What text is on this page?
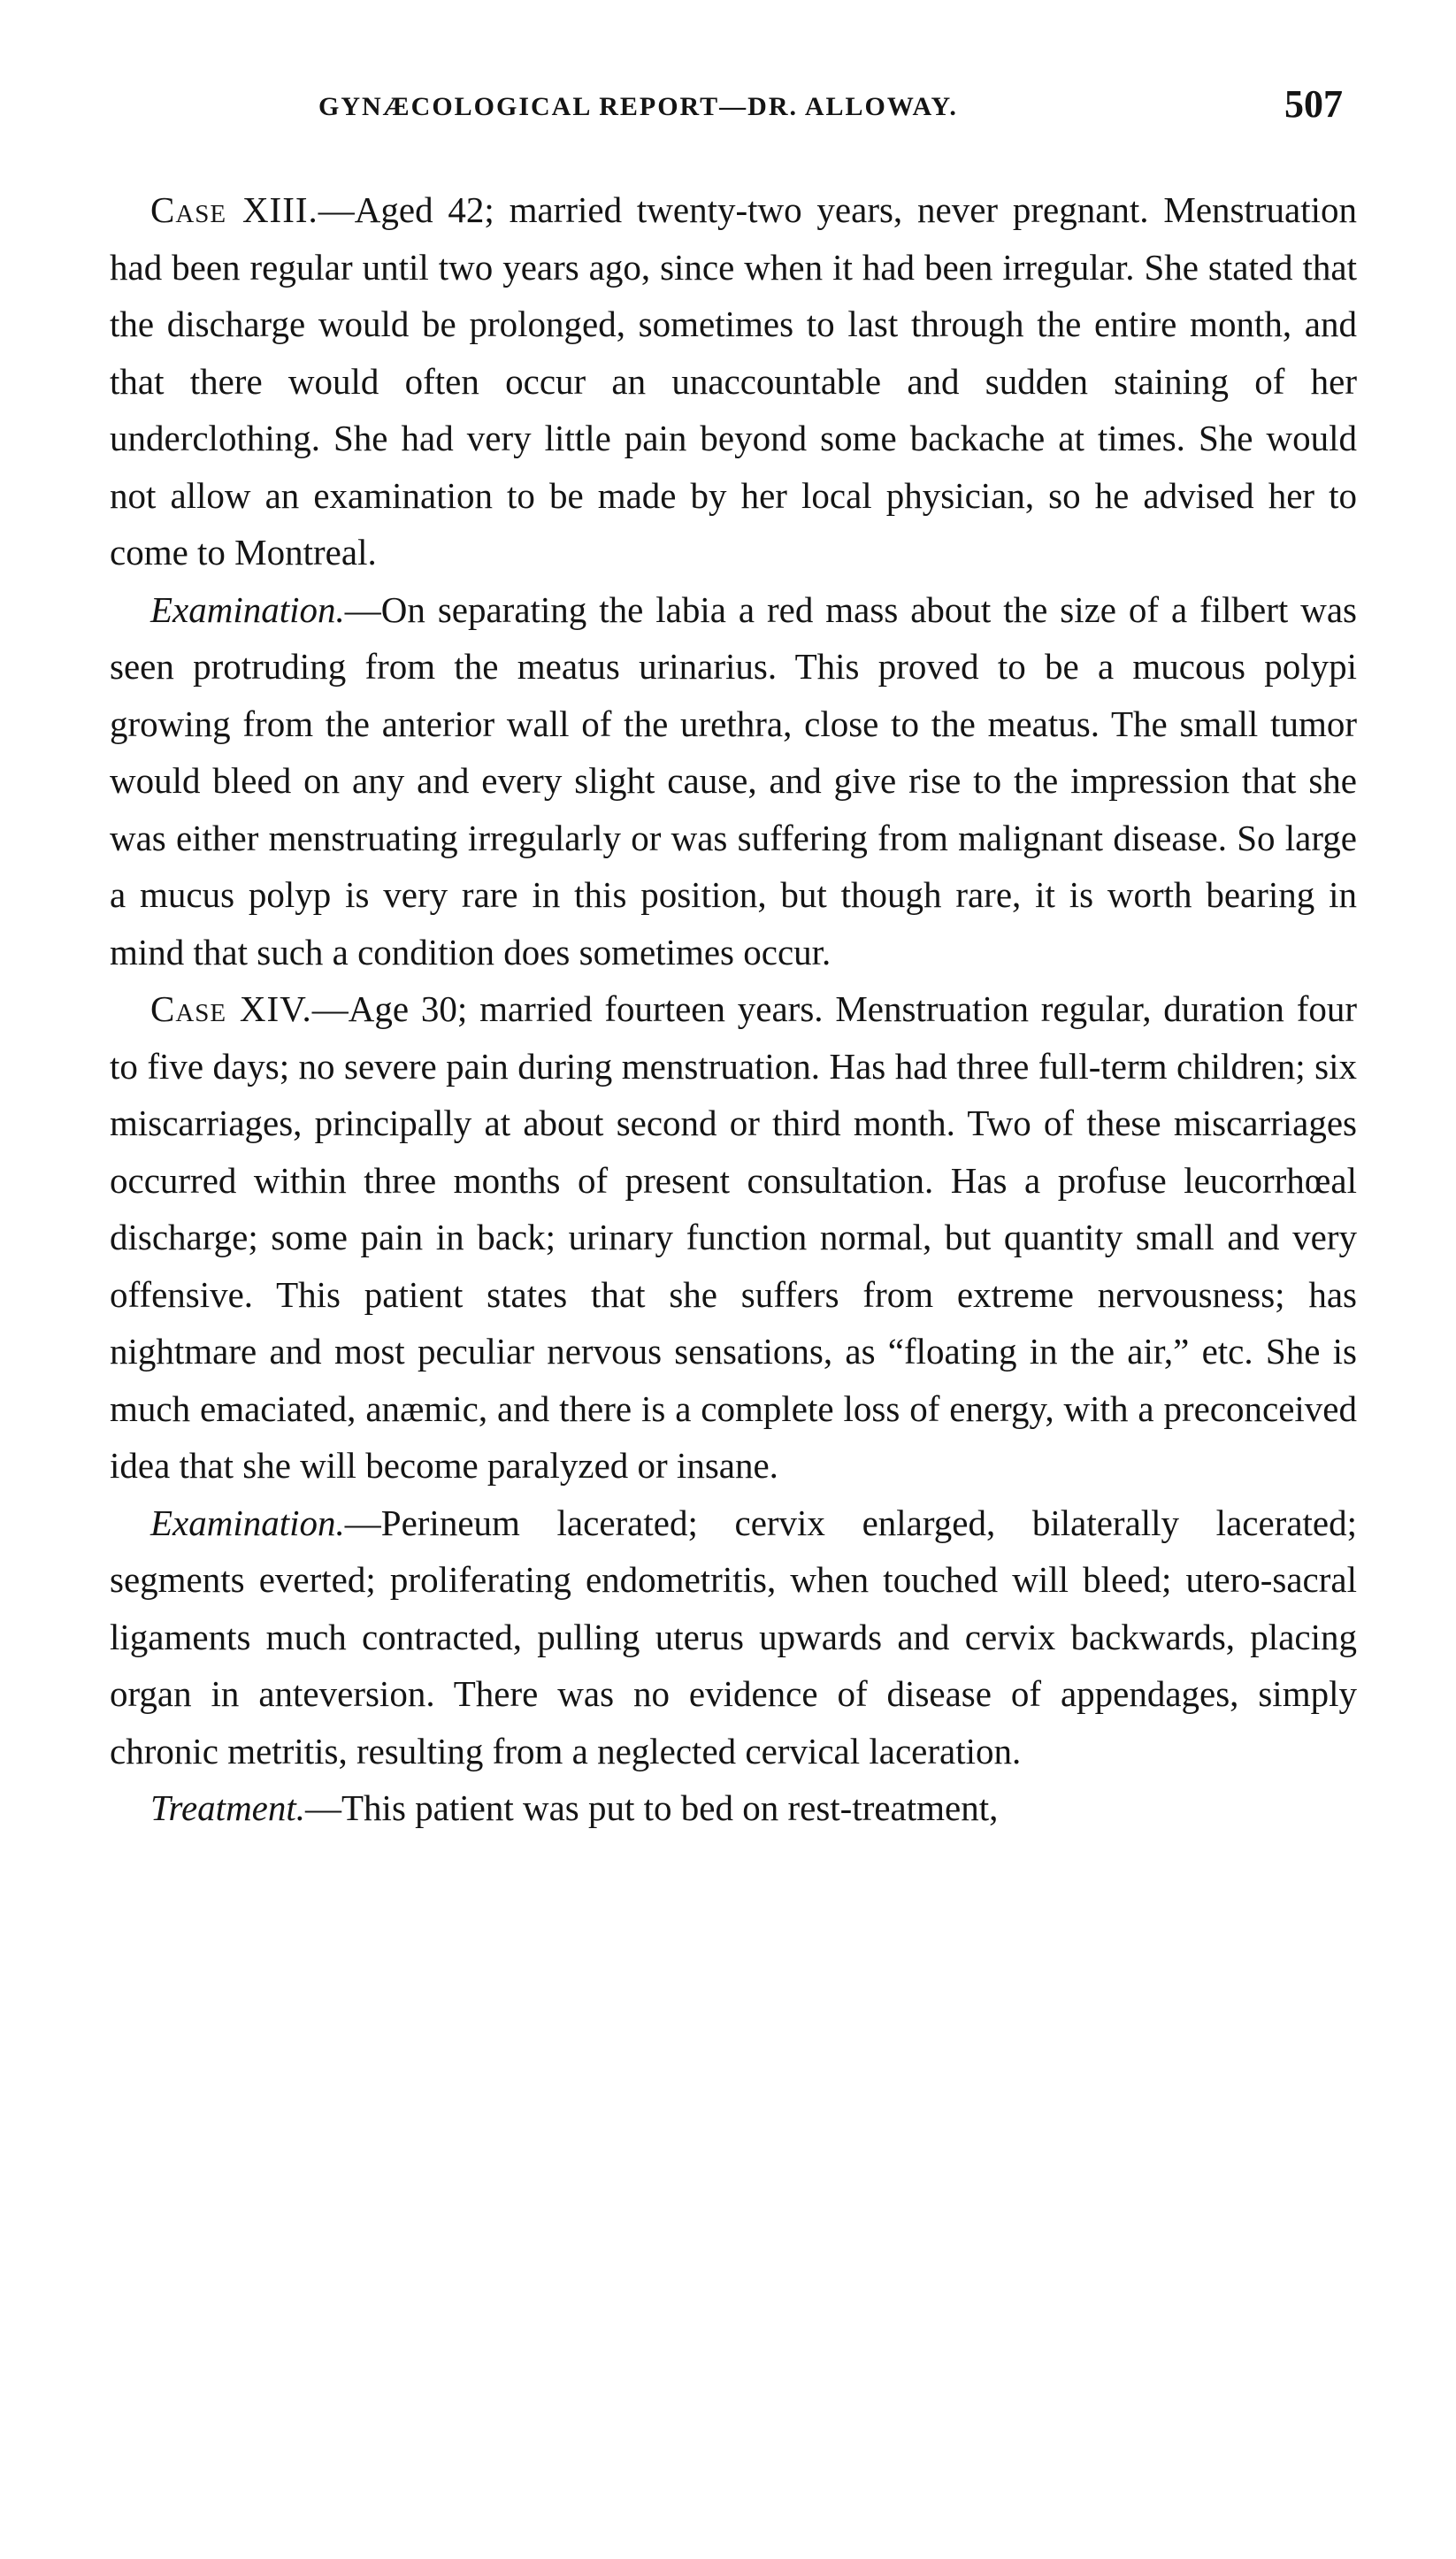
GYNÆCOLOGICAL REPORT—DR. ALLOWAY.	507

Case XIII.—Aged 42; married twenty-two years, never pregnant. Menstruation had been regular until two years ago, since when it had been irregular. She stated that the discharge would be prolonged, sometimes to last through the entire month, and that there would often occur an unaccountable and sudden staining of her underclothing. She had very little pain beyond some backache at times. She would not allow an examination to be made by her local physician, so he advised her to come to Montreal.

Examination.—On separating the labia a red mass about the size of a filbert was seen protruding from the meatus urinarius. This proved to be a mucous polypi growing from the anterior wall of the urethra, close to the meatus. The small tumor would bleed on any and every slight cause, and give rise to the impression that she was either menstruating irregularly or was suffering from malignant disease. So large a mucus polyp is very rare in this position, but though rare, it is worth bearing in mind that such a condition does sometimes occur.

Case XIV.—Age 30; married fourteen years. Menstruation regular, duration four to five days; no severe pain during menstruation. Has had three full-term children; six miscarriages, principally at about second or third month. Two of these miscarriages occurred within three months of present consultation. Has a profuse leucorrhœal discharge; some pain in back; urinary function normal, but quantity small and very offensive. This patient states that she suffers from extreme nervousness; has nightmare and most peculiar nervous sensations, as “floating in the air,” etc. She is much emaciated, anæmic, and there is a complete loss of energy, with a preconceived idea that she will become paralyzed or insane.

Examination.—Perineum lacerated; cervix enlarged, bilaterally lacerated; segments everted; proliferating endometritis, when touched will bleed; utero-sacral ligaments much contracted, pulling uterus upwards and cervix backwards, placing organ in anteversion. There was no evidence of disease of appendages, simply chronic metritis, resulting from a neglected cervical laceration.

Treatment.—This patient was put to bed on rest-treatment,
